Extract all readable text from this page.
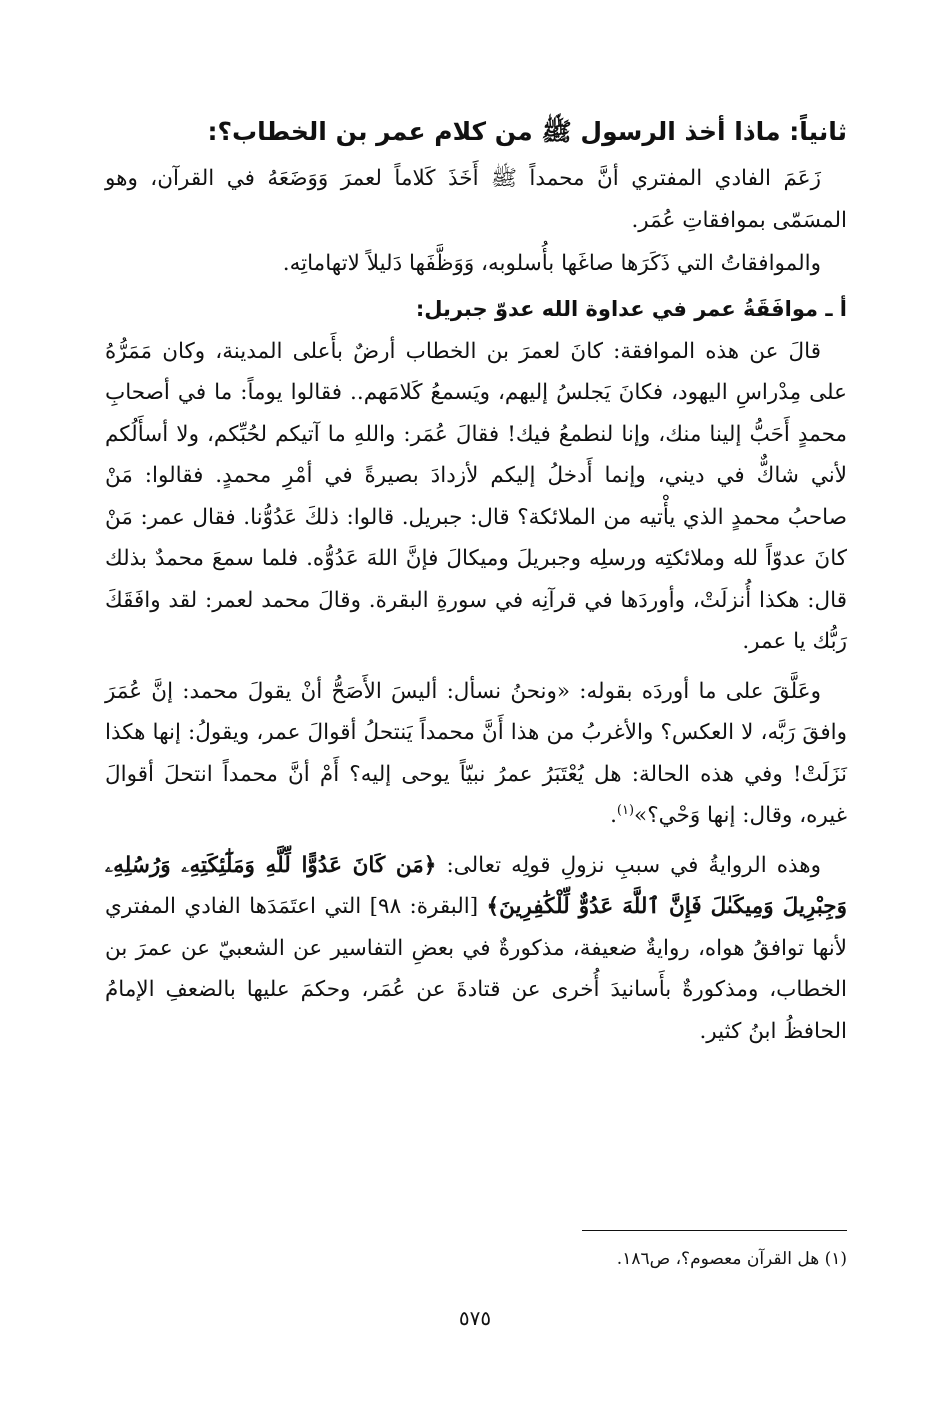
ثانياً: ماذا أخذ الرسول ﷺ من كلام عمر بن الخطاب؟:

زَعَمَ الفادي المفتري أنَّ محمداً ﷺ أَخَذَ كَلاماً لعمرَ وَوَضَعَهُ في القرآن، وهو المسَمّى بموافقاتِ عُمَر.

والموافقاتُ التي ذَكَرَها صاغَها بأُسلوبه، وَوَظَّفَها دَليلاً لاتهاماتِه.

أ ـ موافَقَةُ عمر في عداوة الله عدوّ جبريل:

قالَ عن هذه الموافقة: كانَ لعمرَ بن الخطاب أرضٌ بأَعلى المدينة، وكان مَمَرُّهُ على مِدْراسِ اليهود، فكانَ يَجلسُ إليهم، ويَسمعُ كَلامَهم.. فقالوا يوماً: ما في أصحابِ محمدٍ أَحَبُّ إلينا منك، وإنا لنطمعُ فيك! فقالَ عُمَر: واللهِ ما آتيكم لحُبِّكم، ولا أسأَلُكم لأني شاكٌّ في ديني، وإنما أَدخلُ إليكم لأزدادَ بصيرةً في أمْرِ محمدٍ. فقالوا: مَنْ صاحبُ محمدٍ الذي يأْتيه من الملائكة؟ قال: جبريل. قالوا: ذلكَ عَدُوُّنا. فقال عمر: مَنْ كانَ عدوّاً لله وملائكتِه ورسلِه وجبريلَ وميكالَ فإنَّ اللهَ عَدُوُّه. فلما سمعَ محمدٌ بذلك قال: هكذا أُنزلَتْ، وأوردَها في قرآنِه في سورةِ البقرة. وقالَ محمد لعمر: لقد وافَقَكَ رَبُّك يا عمر.

وعَلَّقَ على ما أوردَه بقوله: «ونحنُ نسأل: أليسَ الأَصَحُّ أنْ يقولَ محمد: إنَّ عُمَرَ وافقَ رَبَّه، لا العكس؟ والأغربُ من هذا أَنَّ محمداً يَنتحلُ أقوالَ عمر، ويقولُ: إنها هكذا نَزَلَتْ! وفي هذه الحالة: هل يُعْتَبَرُ عمرُ نبيّاً يوحى إليه؟ أَمْ أنَّ محمداً انتحلَ أقوالَ غيره، وقال: إنها وَحْي؟»$^{(١)}$.

وهذه الروايةُ في سببِ نزولِ قولِه تعالى: ﴿مَن كَانَ عَدُوًّا لِّلَّهِ وَمَلَٰٓئِكَتِهِۦ وَرُسُلِهِۦ وَجِبْرِيلَ وَمِيكَىٰلَ فَإِنَّ ٱللَّهَ عَدُوٌّ لِّلْكَٰفِرِينَ﴾ [البقرة: ٩٨] التي اعتَمَدَها الفادي المفتري لأنها توافقُ هواه، روايةٌ ضعيفة، مذكورةٌ في بعضِ التفاسير عن الشعبيّ عن عمرَ بن الخطاب، ومذكورةٌ بأَسانيدَ أُخرى عن قتادةَ عن عُمَر، وحكمَ عليها بالضعفِ الإمامُ الحافظُ ابنُ كثير.

(١) هل القرآن معصوم؟، ص١٨٦.
٥٧٥
